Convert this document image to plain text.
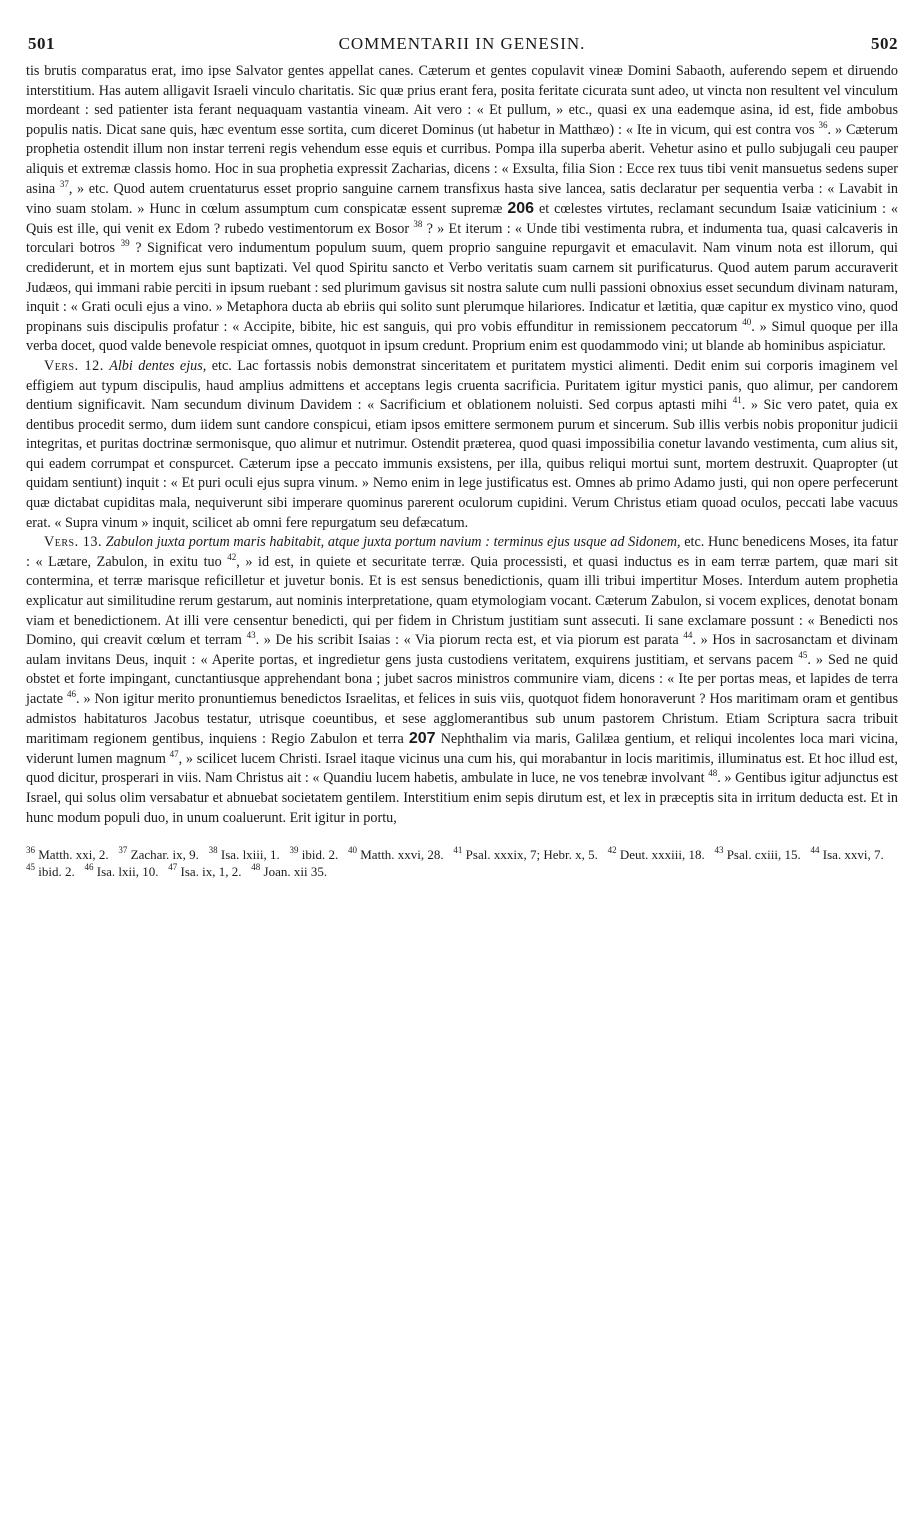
501	COMMENTARII IN GENESIN.	502

tis brutis comparatus erat, imo ipse Salvator gentes appellat canes. Cæterum et gentes copulavit vineæ Domini Sabaoth, auferendo sepem et diruendo interstitium. Has autem alligavit Israeli vinculo charitatis. Sic quæ prius erant fera, posita feritate cicurata sunt adeo, ut vincta non resultent vel vinculum mordeant : sed patienter ista ferant nequaquam vastantia vineam. Ait vero : « Et pullum, » etc., quasi ex una eademque asina, id est, fide ambobus populis natis. Dicat sane quis, hæc eventum esse sortita, cum diceret Dominus (ut habetur in Matthæo) : « Ite in vicum, qui est contra vos $^{36}$. » Cæterum prophetia ostendit illum non instar terreni regis vehendum esse equis et curribus. Pompa illa superba aberit. Vehetur asino et pullo subjugali ceu pauper aliquis et extremæ classis homo. Hoc in sua prophetia expressit Zacharias, dicens : « Exsulta, filia Sion : Ecce rex tuus tibi venit mansuetus sedens super asina $^{37}$, » etc. Quod autem cruentaturus esset proprio sanguine carnem transfixus hasta sive lancea, satis declaratur per sequentia verba : « Lavabit in vino suam stolam. » Hunc in cœlum assumptum cum conspicatæ essent supremæ 206 et cœlestes virtutes, reclamant secundum Isaiæ vaticinium : « Quis est ille, qui venit ex Edom ? rubedo vestimentorum ex Bosor $^{38}$ ? » Et iterum : « Unde tibi vestimenta rubra, et indumenta tua, quasi calcaveris in torculari botros $^{39}$ ? Significat vero indumentum populum suum, quem proprio sanguine repurgavit et emaculavit. Nam vinum nota est illorum, qui crediderunt, et in mortem ejus sunt baptizati. Vel quod Spiritu sancto et Verbo veritatis suam carnem sit purificaturus. Quod autem parum accuraverit Judæos, qui immani rabie perciti in ipsum ruebant : sed plurimum gavisus sit nostra salute cum nulli passioni obnoxius esset secundum divinam naturam, inquit : « Grati oculi ejus a vino. » Metaphora ducta ab ebriis qui solito sunt plerumque hilariores. Indicatur et lætitia, quæ capitur ex mystico vino, quod propinans suis discipulis profatur : « Accipite, bibite, hic est sanguis, qui pro vobis effunditur in remissionem peccatorum $^{40}$. » Simul quoque per illa verba docet, quod valde benevole respiciat omnes, quotquot in ipsum credunt. Proprium enim est quodammodo vini; ut blande ab hominibus aspiciatur.

Vers. 12. Albi dentes ejus, etc. Lac fortassis nobis demonstrat sinceritatem et puritatem mystici alimenti. Dedit enim sui corporis imaginem vel effigiem aut typum discipulis, haud amplius admittens et acceptans legis cruenta sacrificia. Puritatem igitur mystici panis, quo alimur, per candorem dentium significavit. Nam secundum divinum Davidem : « Sacrificium et oblationem noluisti. Sed corpus aptasti mihi $^{41}$. » Sic vero patet, quia ex dentibus procedit sermo, dum iidem sunt candore conspicui, etiam ipsos emittere sermonem purum et sincerum. Sub illis verbis nobis proponitur judicii integritas, et puritas doctrinæ sermonisque, quo alimur et nutrimur. Ostendit præterea, quod quasi impossibilia conetur lavando vestimenta, cum alius sit, qui eadem corrumpat et conspurcet. Cæterum ipse a peccato immunis exsistens, per illa, quibus reliqui mortui sunt, mortem destruxit. Quapropter (ut quidam sentiunt) inquit : « Et puri oculi ejus supra vinum. » Nemo enim in lege justificatus est. Omnes ab primo Adamo justi, qui non opere perfecerunt quæ dictabat cupiditas mala, nequiverunt sibi imperare quominus parerent oculorum cupidini. Verum Christus etiam quoad oculos, peccati labe vacuus erat. « Supra vinum » inquit, scilicet ab omni fere repurgatum seu defæcatum.

Vers. 13. Zabulon juxta portum maris habitabit, atque juxta portum navium : terminus ejus usque ad Sidonem, etc. Hunc benedicens Moses, ita fatur : « Lætare, Zabulon, in exitu tuo $^{42}$, » id est, in quiete et securitate terræ. Quia processisti, et quasi inductus es in eam terræ partem, quæ mari sit conterminа, et terræ marisque reficilletur et juvetur bonis. Et is est sensus benedictionis, quam illi tribui impertitur Moses. Interdum autem prophetia explicatur aut similitudine rerum gestarum, aut nominis interpretatione, quam etymologiam vocant. Cæterum Zabulon, si vocem explices, denotat bonam viam et benedictionem. At illi vere censentur benedicti, qui per fidem in Christum justitiam sunt assecuti. Ii sane exclamare possunt : « Benedicti nos Domino, qui creavit cœlum et terram $^{43}$. » De his scribit Isaias : « Via piorum recta est, et via piorum est parata $^{44}$. » Hos in sacrosanctam et divinam aulam invitans Deus, inquit : « Aperite portas, et ingredietur gens justa custodiens veritatem, exquirens justitiam, et servans pacem $^{45}$. » Sed ne quid obstet et forte impingant, cunctantiusque apprehendant bona ; jubet sacros ministros communire viam, dicens : « Ite per portas meas, et lapides de terra jactate $^{46}$. » Non igitur merito pronuntiemus benedictos Israelitas, et felices in suis viis, quotquot fidem honoraverunt ? Hos maritimam oram et gentibus admistos habitaturos Jacobus testatur, utrisque coeuntibus, et sese agglomerantibus sub unum pastorem Christum. Etiam Scriptura sacra tribuit maritimam regionem gentibus, inquiens : Regio Zabulon et terra 207 Nephthalim via maris, Galilæa gentium, et reliqui incolentes loca mari vicina, viderunt lumen magnum $^{47}$, » scilicet lucem Christi. Israel itaque vicinus una cum his, qui morabantur in locis maritimis, illuminatus est. Et hoc illud est, quod dicitur, prosperari in viis. Nam Christus ait : « Quandiu lucem habetis, ambulate in luce, ne vos tenebræ involvant $^{48}$. » Gentibus igitur adjunctus est Israel, qui solus olim versabatur et abnuebat societatem gentilem. Interstitium enim sepis dirutum est, et lex in præceptis sita in irritum deducta est. Et in hunc modum populi duo, in unum coaluerunt. Erit igitur in portu,

$^{36}$ Matth. xxi, 2. $^{37}$ Zachar. ix, 9. $^{38}$ Isa. lxiii, 1. $^{39}$ ibid. 2. $^{40}$ Matth. xxvi, 28. $^{41}$ Psal. xxxix, 7; Hebr. x, 5. $^{42}$ Deut. xxxiii, 18. $^{43}$ Psal. cxiii, 15. $^{44}$ Isa. xxvi, 7.   $^{45}$ ibid. 2. $^{46}$ Isa. lxii, 10. $^{47}$ Isa. ix, 1, 2. $^{48}$ Joan. xii 35.
